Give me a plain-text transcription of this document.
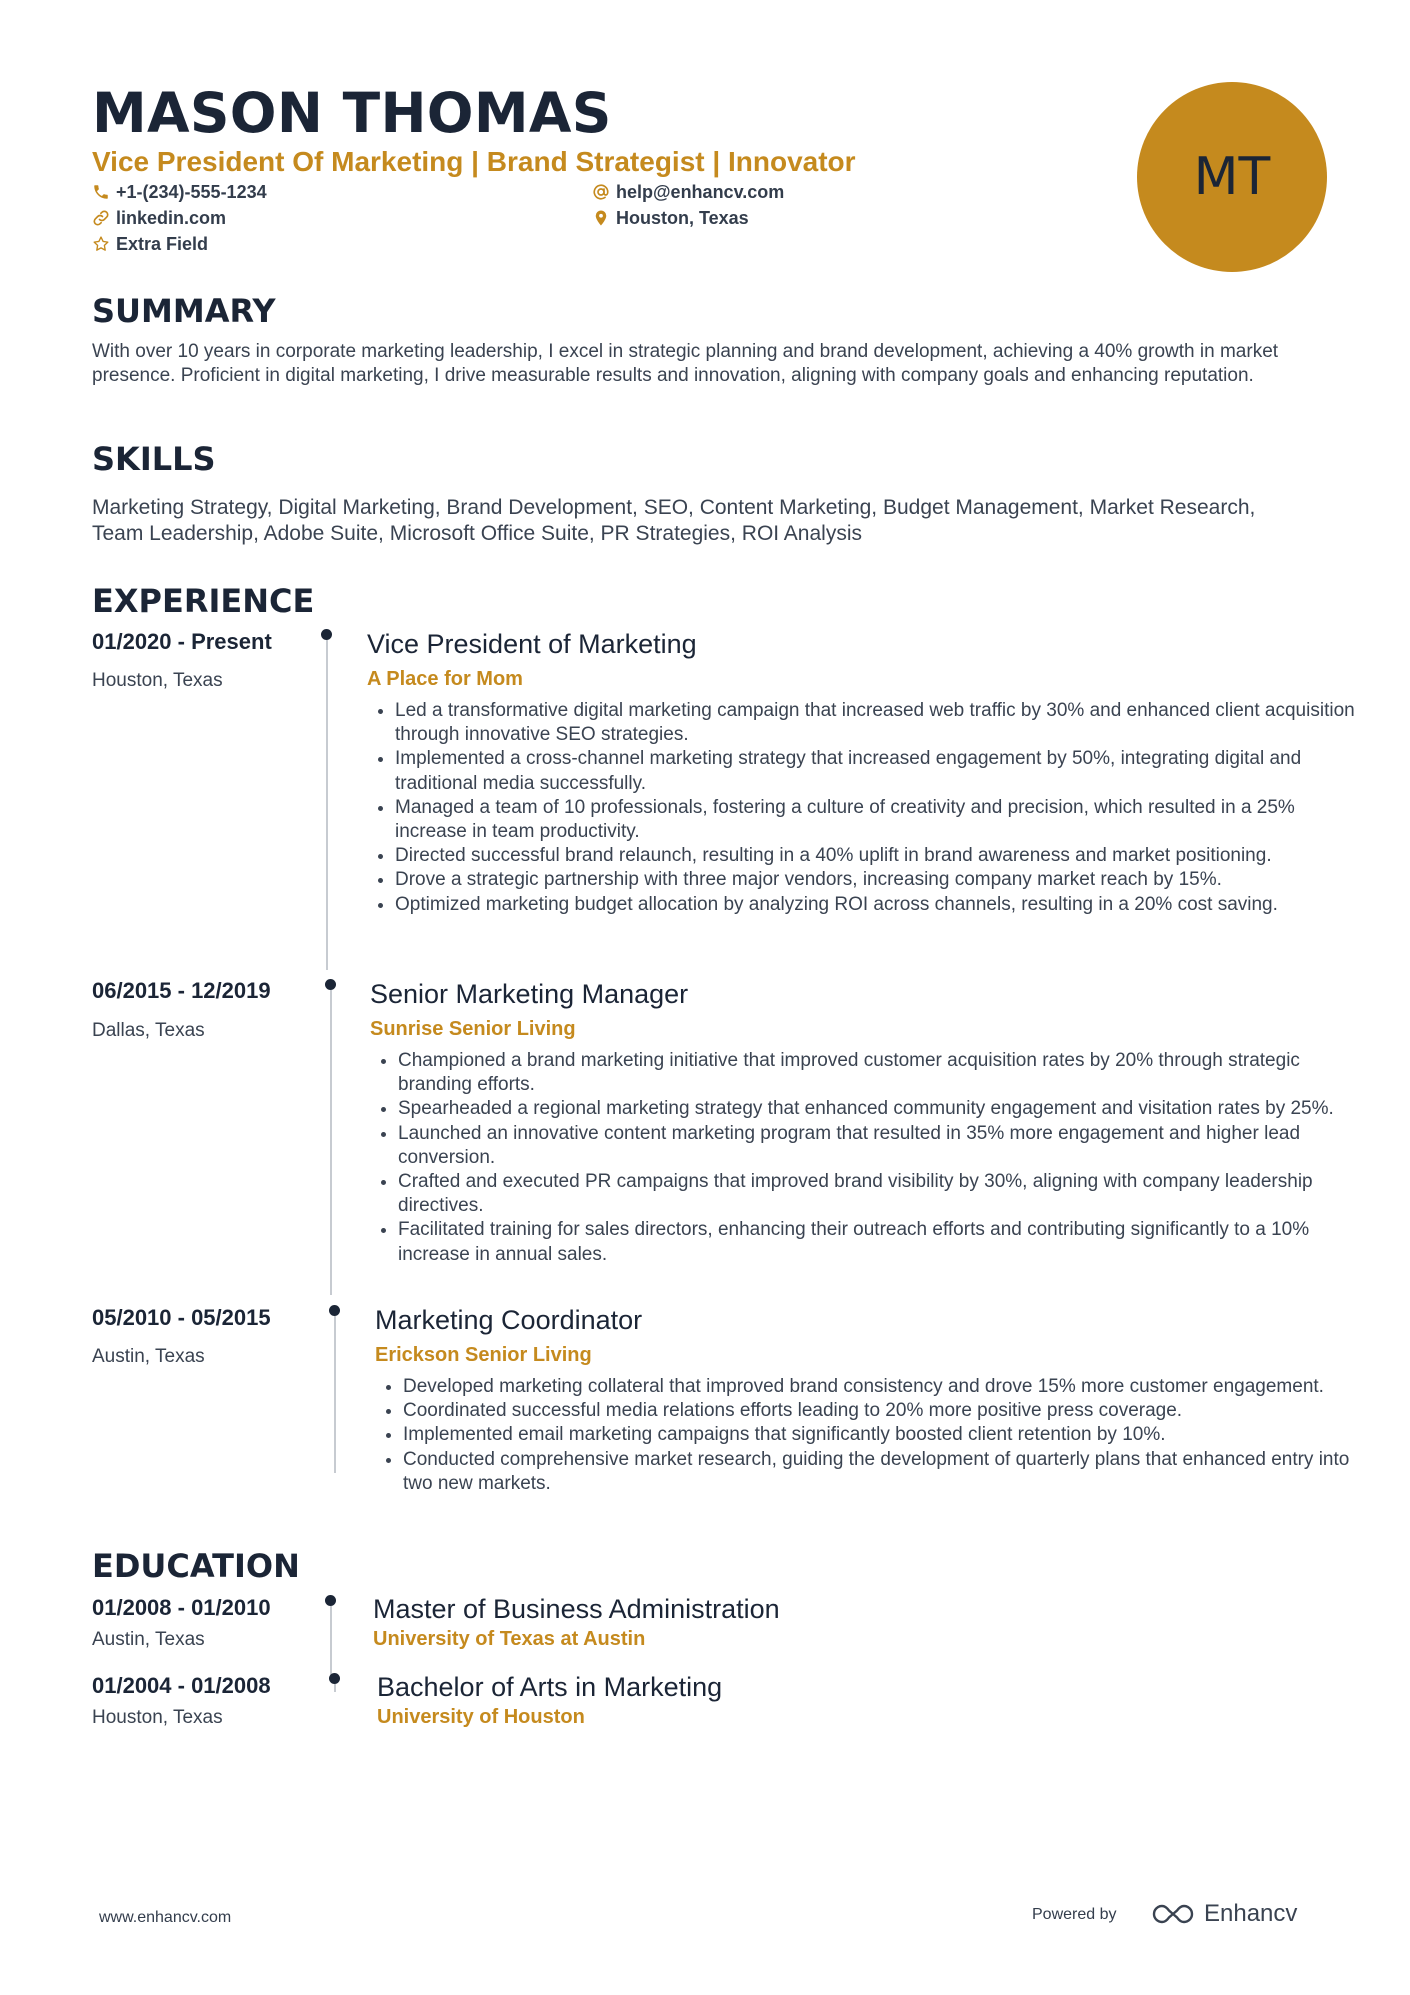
MASON THOMAS
Vice President Of Marketing | Brand Strategist | Innovator
+1-(234)-555-1234	help@enhancv.com
linkedin.com	Houston, Texas
Extra Field
MT
SUMMARY

With over 10 years in corporate marketing leadership, I excel in strategic planning and brand development, achieving a 40% growth in market presence. Proficient in digital marketing, I drive measurable results and innovation, aligning with company goals and enhancing reputation.

SKILLS

Marketing Strategy, Digital Marketing, Brand Development, SEO, Content Marketing, Budget Management, Market Research, Team Leadership, Adobe Suite, Microsoft Office Suite, PR Strategies, ROI Analysis

EXPERIENCE
01/2020 - Present
Houston, Texas
Vice President of Marketing
A Place for Mom
• Led a transformative digital marketing campaign that increased web traffic by 30% and enhanced client acquisition through innovative SEO strategies.
• Implemented a cross-channel marketing strategy that increased engagement by 50%, integrating digital and traditional media successfully.
• Managed a team of 10 professionals, fostering a culture of creativity and precision, which resulted in a 25% increase in team productivity.
• Directed successful brand relaunch, resulting in a 40% uplift in brand awareness and market positioning.
• Drove a strategic partnership with three major vendors, increasing company market reach by 15%.
• Optimized marketing budget allocation by analyzing ROI across channels, resulting in a 20% cost saving.
06/2015 - 12/2019
Dallas, Texas
Senior Marketing Manager
Sunrise Senior Living
• Championed a brand marketing initiative that improved customer acquisition rates by 20% through strategic branding efforts.
• Spearheaded a regional marketing strategy that enhanced community engagement and visitation rates by 25%.
• Launched an innovative content marketing program that resulted in 35% more engagement and higher lead conversion.
• Crafted and executed PR campaigns that improved brand visibility by 30%, aligning with company leadership directives.
• Facilitated training for sales directors, enhancing their outreach efforts and contributing significantly to a 10% increase in annual sales.
05/2010 - 05/2015
Austin, Texas
Marketing Coordinator
Erickson Senior Living
• Developed marketing collateral that improved brand consistency and drove 15% more customer engagement.
• Coordinated successful media relations efforts leading to 20% more positive press coverage.
• Implemented email marketing campaigns that significantly boosted client retention by 10%.
• Conducted comprehensive market research, guiding the development of quarterly plans that enhanced entry into two new markets.
EDUCATION
01/2008 - 01/2010
Austin, Texas
Master of Business Administration
University of Texas at Austin
01/2004 - 01/2008
Houston, Texas
Bachelor of Arts in Marketing
University of Houston
www.enhancv.com	Powered by	Enhancv
